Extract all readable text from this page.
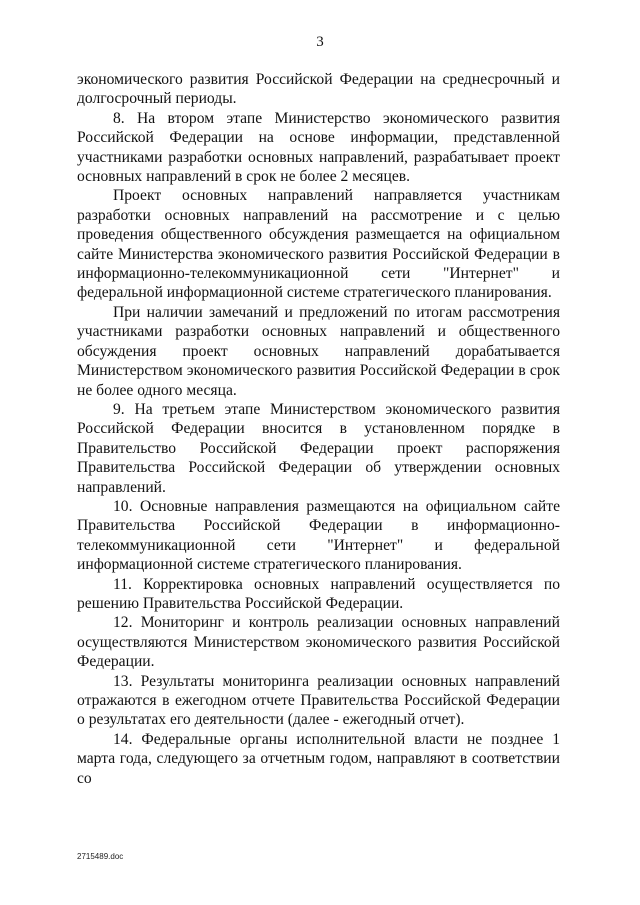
3

экономического развития Российской Федерации на среднесрочный и долгосрочный периоды.

8. На втором этапе Министерство экономического развития Российской Федерации на основе информации, представленной участниками разработки основных направлений, разрабатывает проект основных направлений в срок не более 2 месяцев.

Проект основных направлений направляется участникам разработки основных направлений на рассмотрение и с целью проведения общественного обсуждения размещается на официальном сайте Министерства экономического развития Российской Федерации в информационно-телекоммуникационной сети "Интернет" и федеральной информационной системе стратегического планирования.

При наличии замечаний и предложений по итогам рассмотрения участниками разработки основных направлений и общественного обсуждения проект основных направлений дорабатывается Министерством экономического развития Российской Федерации в срок не более одного месяца.

9. На третьем этапе Министерством экономического развития Российской Федерации вносится в установленном порядке в Правительство Российской Федерации проект распоряжения Правительства Российской Федерации об утверждении основных направлений.

10. Основные направления размещаются на официальном сайте Правительства Российской Федерации в информационно-телекоммуникационной сети "Интернет" и федеральной информационной системе стратегического планирования.

11. Корректировка основных направлений осуществляется по решению Правительства Российской Федерации.

12. Мониторинг и контроль реализации основных направлений осуществляются Министерством экономического развития Российской Федерации.

13. Результаты мониторинга реализации основных направлений отражаются в ежегодном отчете Правительства Российской Федерации о результатах его деятельности (далее - ежегодный отчет).

14. Федеральные органы исполнительной власти не позднее 1 марта года, следующего за отчетным годом, направляют в соответствии со

2715489.doc
